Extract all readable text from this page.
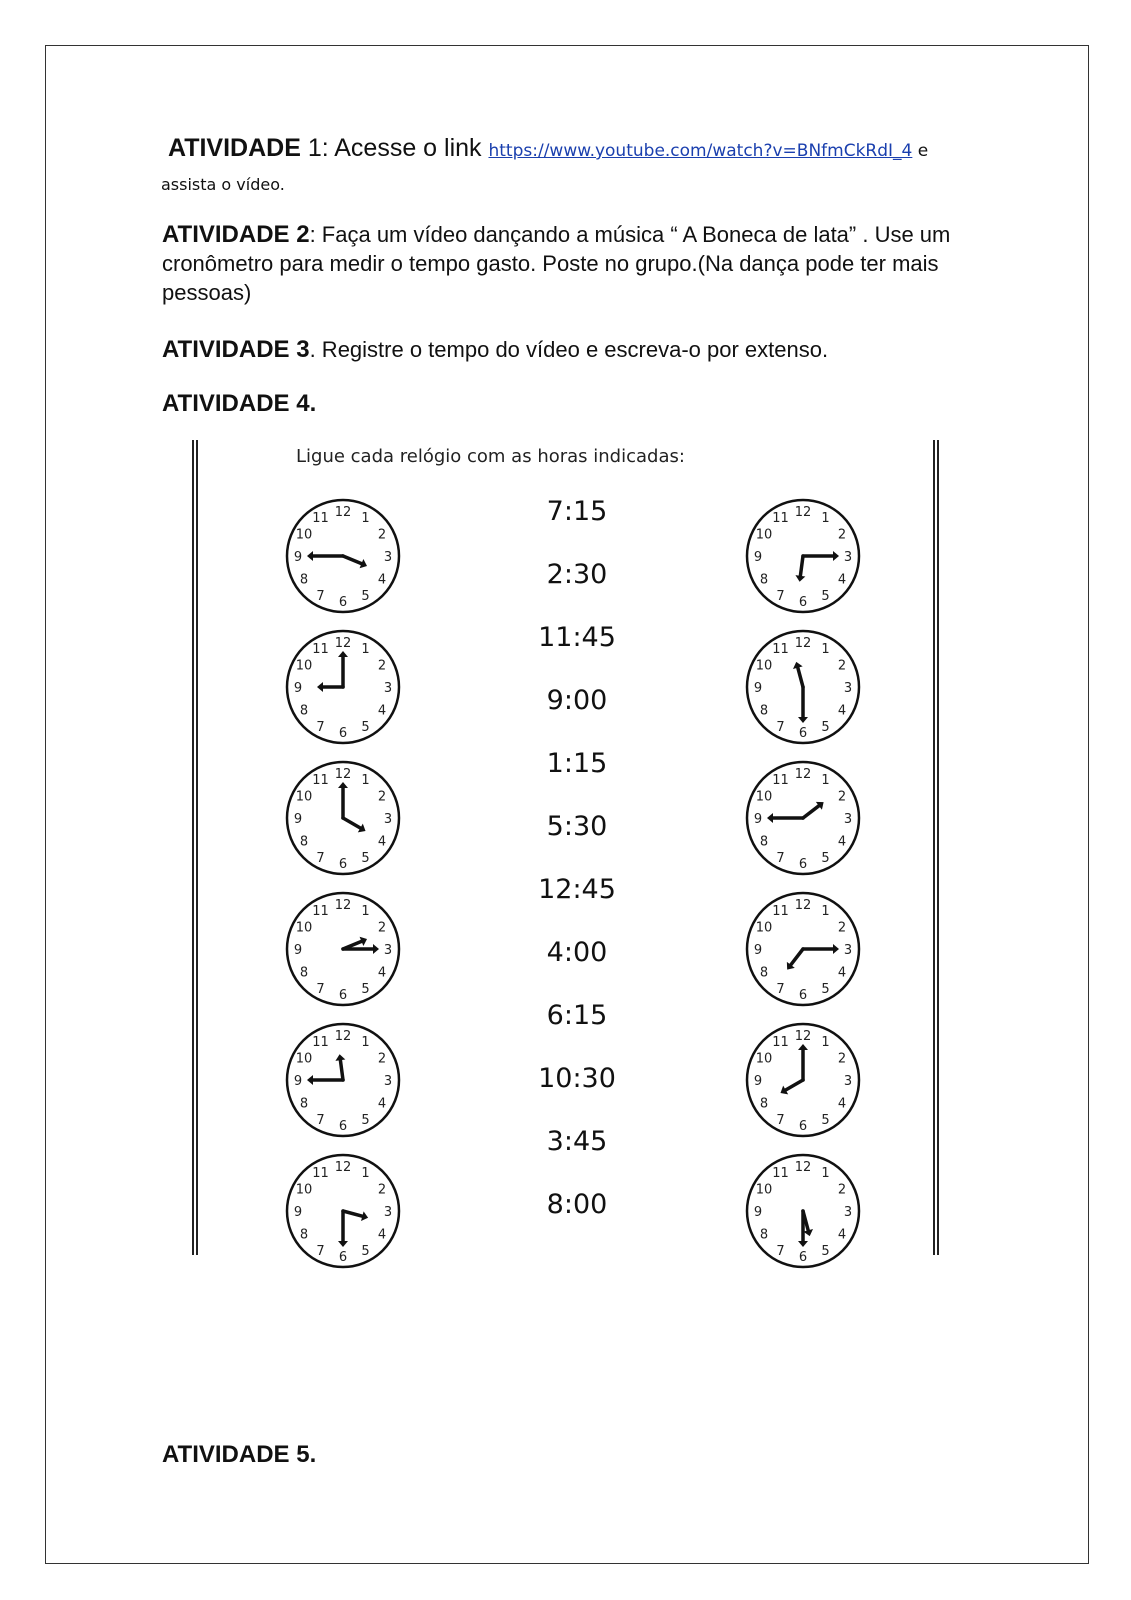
ATIVIDADE 1: Acesse o link https://www.youtube.com/watch?v=BNfmCkRdI_4 e
assista o vídeo.
ATIVIDADE 2: Faça um vídeo dançando a música “ A Boneca de lata” . Use um cronômetro para medir o tempo gasto. Poste no grupo.(Na dança pode ter mais pessoas)
ATIVIDADE 3. Registre o tempo do vídeo e escreva-o por extenso.
ATIVIDADE 4.
Ligue cada relógio com as horas indicadas:
12 1
2
3
4
5
6
7
8
9
10
11
12 1
2
3
4
5
6
7
8
9
10
11
12 1
2
3
4
5
6
7
8
9
10
11
12 1
2
3
4
5
6
7
8
9
10
11
12 1
2
3
4
5
6
7
8
9
10
11
12 1
2
3
4
5
6
7
8
9
10
11
7:15
2:30
11:45
9:00
1:15
5:30
12:45
4:00
6:15
10:30
3:45
8:00
12 1
2
3
4
5
6
7
8
9
10
11
12 1
2
3
4
5
6
7
8
9
10
11
12 1
2
3
4
5
6
7
8
9
10
11
12 1
2
3
4
5
6
7
8
9
10
11
12 1
2
3
4
5
6
7
8
9
10
11
12 1
2
3
4
5
6
7
8
9
10
11
ATIVIDADE 5.
